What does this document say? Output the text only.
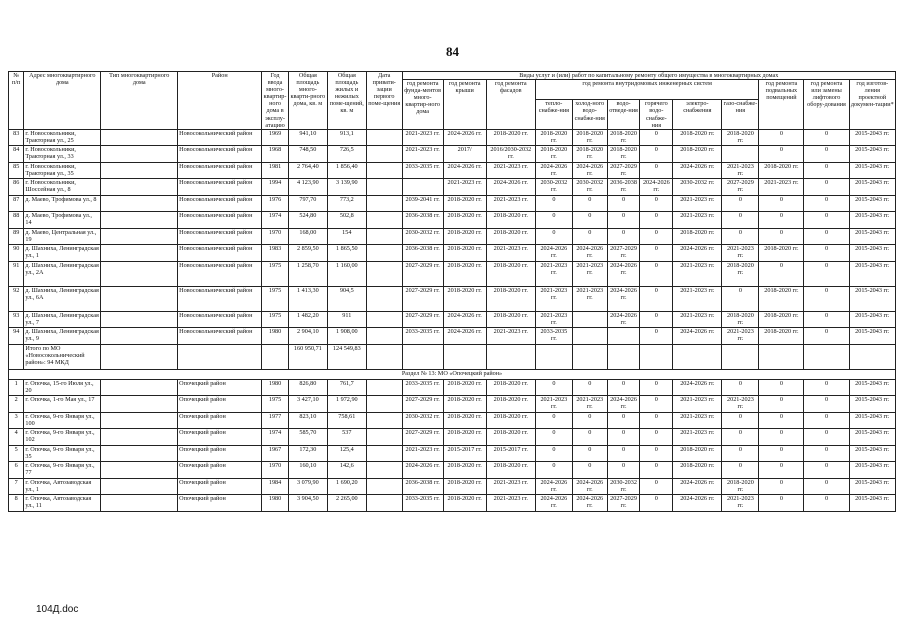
84
№ п/п	Адрес многоквартирного дома	Тип многоквартирного дома	Район	Год ввода много-квартир-ного дома в эксплу-атацию	Общая площадь много-кварти-рного дома, кв. м	Общая площадь жилых и нежилых поме-щений, кв. м	Дата привати-зации первого поме-щения	Виды услуг и (или) работ по капитальному ремонту общего имущества в многоквартирных домах											
								год ремонта фунда-ментов много-квартир-ного дома	год ремонта крыши	год ремонта фасадов	год ремонта внутридомовых инженерных систем						год ремонта подвальных помещений	год ремонта или замены лифтового обору-дования	год изготов-ления проектной докумен-тации*
											тепло-снабже-ния	холод-ного водо-снабже-ния	водо-отведе-ния	горячего водо-снабже-ния	электро-снабжения	газо-снабже-ния			
83	г. Новосокольники, Тракторная ул., 25		Новосокольнический район	1969	941,10	913,1		2021-2023 гг.	2024-2026 гг.	2018-2020 гг.	2018-2020 гг.	2018-2020 гг.	2018-2020 гг.	0	2018-2020 гг.	2018-2020 гг.	0	0	2015-2043 гг.
84	г. Новосокольники, Тракторная ул., 33		Новосокольнический район	1968	748,50	726,5		2021-2023 гг.	2017/	2016/2030-2032 гг.	2018-2020 гг.	2018-2020 гг.	2018-2020 гг.	0	2018-2020 гг.		0	0	2015-2043 гг.
85	г. Новосокольники, Тракторная ул., 35		Новосокольнический район	1981	2 764,40	1 856,40		2033-2035 гг.	2024-2026 гг.	2021-2023 гг.	2024-2026 гг.	2024-2026 гг.	2027-2029 гг.	0	2024-2026 гг.	2021-2023 гг.	2018-2020 гг.	0	2015-2043 гг.
86	г. Новосокольники, Шоссейная ул., 8		Новосокольнический район	1994	4 123,90	3 139,90			2021-2023 гг.	2024-2026 гг.	2030-2032 гг.	2030-2032 гг.	2036-2038 гг.	2024-2026 гг.	2030-2032 гг.	2027-2029 гг.	2021-2023 гг.	0	2015-2043 гг.
87	д. Маево, Трофимова ул., 8		Новосокольнический район	1976	797,70	773,2		2039-2041 гг.	2018-2020 гг.	2021-2023 гг.	0	0	0	0	2021-2023 гг.	0	0	0	2015-2043 гг.
88	д. Маево, Трофимова ул., 14		Новосокольнический район	1974	524,80	502,8		2036-2038 гг.	2018-2020 гг.	2018-2020 гг.	0	0	0	0	2021-2023 гг.	0	0	0	2015-2043 гг.
89	д. Маево, Центральная ул., 19		Новосокольнический район	1970	168,00	154		2030-2032 гг.	2018-2020 гг.	2018-2020 гг.	0	0	0	0	2018-2020 гг.	0	0	0	2015-2043 гг.
90	д. Шахниха, Ленинградская ул., 1		Новосокольнический район	1983	2 859,50	1 865,50		2036-2038 гг.	2018-2020 гг.	2021-2023 гг.	2024-2026 гг.	2024-2026 гг.	2027-2029 гг.	0	2024-2026 гг.	2021-2023 гг.	2018-2020 гг.	0	2015-2043 гг.
91	д. Шахниха, Ленинградская ул., 2А		Новосокольнический район	1975	1 258,70	1 160,00		2027-2029 гг.	2018-2020 гг.	2018-2020 гг.	2021-2023 гг.	2021-2023 гг.	2024-2026 гг.	0	2021-2023 гг.	2018-2020 гг.	0	0	2015-2043 гг.
92	д. Шахниха, Ленинградская ул., 6А		Новосокольнический район	1975	1 413,30	904,5		2027-2029 гг.	2018-2020 гг.	2018-2020 гг.	2021-2023 гг.	2021-2023 гг.	2024-2026 гг.	0	2021-2023 гг.	0	2018-2020 гг.	0	2015-2043 гг.
93	д. Шахниха, Ленинградская ул., 7		Новосокольнический район	1975	1 482,20	911		2027-2029 гг.	2024-2026 гг.	2018-2020 гг.	2021-2023 гг.		2024-2026 гг.	0	2021-2023 гг.	2018-2020 гг.	2018-2020 гг.	0	2015-2043 гг.
94	д. Шахниха, Ленинградская ул., 9		Новосокольнический район	1980	2 904,10	1 908,00		2033-2035 гг.	2024-2026 гг.	2021-2023 гг.	2033-2035 гг.			0	2024-2026 гг.	2021-2023 гг.	2018-2020 гг.	0	2015-2043 гг.
	Итого по МО «Новосокольнический район»: 94 МКД				160 950,71	124 549,83													
Раздел № 13: МО «Опочецкий район»																			
1	г. Опочка, 15-го Июля ул., 20		Опочецкий район	1980	826,80	761,7		2033-2035 гг.	2018-2020 гг.	2018-2020 гг.	0	0	0	0	2024-2026 гг.	0	0	0	2015-2043 гг.
2	г. Опочка, 1-го Мая ул., 17		Опочецкий район	1975	3 427,10	1 972,90		2027-2029 гг.	2018-2020 гг.	2018-2020 гг.	2021-2023 гг.	2021-2023 гг.	2024-2026 гг.	0	2021-2023 гг.	2021-2023 гг.	0	0	2015-2043 гг.
3	г. Опочка, 9-го Января ул., 100		Опочецкий район	1977	823,10	758,61		2030-2032 гг.	2018-2020 гг.	2018-2020 гг.	0	0	0	0	2021-2023 гг.	0	0	0	2015-2043 гг.
4	г. Опочка, 9-го Января ул., 102		Опочецкий район	1974	585,70	537		2027-2029 гг.	2018-2020 гг.	2018-2020 гг.	0	0	0	0	2021-2023 гг.	0	0	0	2015-2043 гг.
5	г. Опочка, 9-го Января ул., 35		Опочецкий район	1967	172,30	125,4		2021-2023 гг.	2015-2017 гг.	2015-2017 гг.	0	0	0	0	2018-2020 гг.	0	0	0	2015-2043 гг.
6	г. Опочка, 9-го Января ул., 77		Опочецкий район	1970	160,10	142,6		2024-2026 гг.	2018-2020 гг.	2018-2020 гг.	0	0	0	0	2018-2020 гг.	0	0	0	2015-2043 гг.
7	г. Опочка, Автозаводская ул., 1		Опочецкий район	1984	3 079,90	1 690,20		2036-2038 гг.	2018-2020 гг.	2021-2023 гг.	2024-2026 гг.	2024-2026 гг.	2030-2032 гг.	0	2024-2026 гг.	2018-2020 гг.	0	0	2015-2043 гг.
8	г. Опочка, Автозаводская ул., 11		Опочецкий район	1980	3 904,50	2 265,00		2033-2035 гг.	2018-2020 гг.	2021-2023 гг.	2024-2026 гг.	2024-2026 гг.	2027-2029 гг.	0	2024-2026 гг.	2021-2023 гг.	0	0	2015-2043 гг.
104Д.doc
